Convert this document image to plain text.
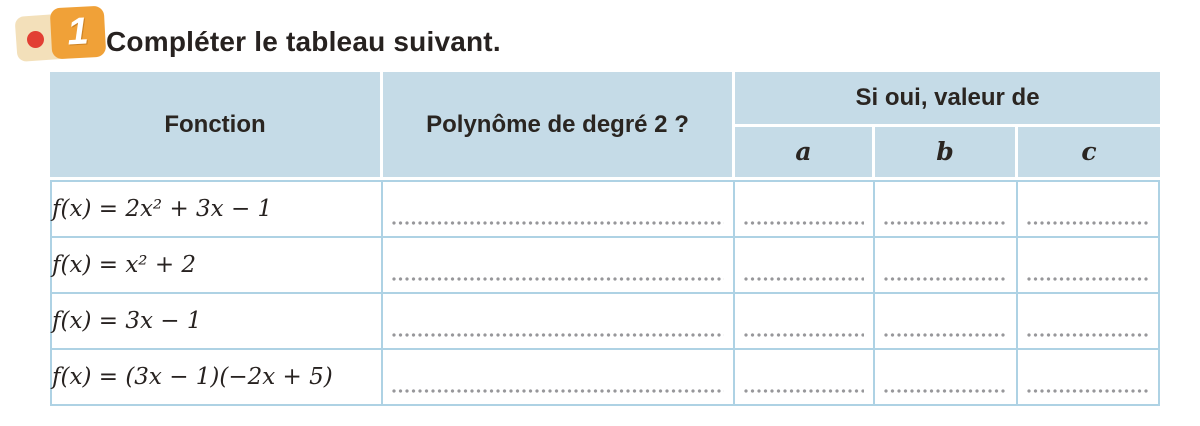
1 Compléter le tableau suivant.
Fonction	Polynôme de degré 2 ?	Si oui, valeur de		
		a	b	c
f(x) = 2x² + 3x − 1	

f(x) = x² + 2	

f(x) = 3x − 1	

f(x) = (3x − 1)(−2x + 5)	
